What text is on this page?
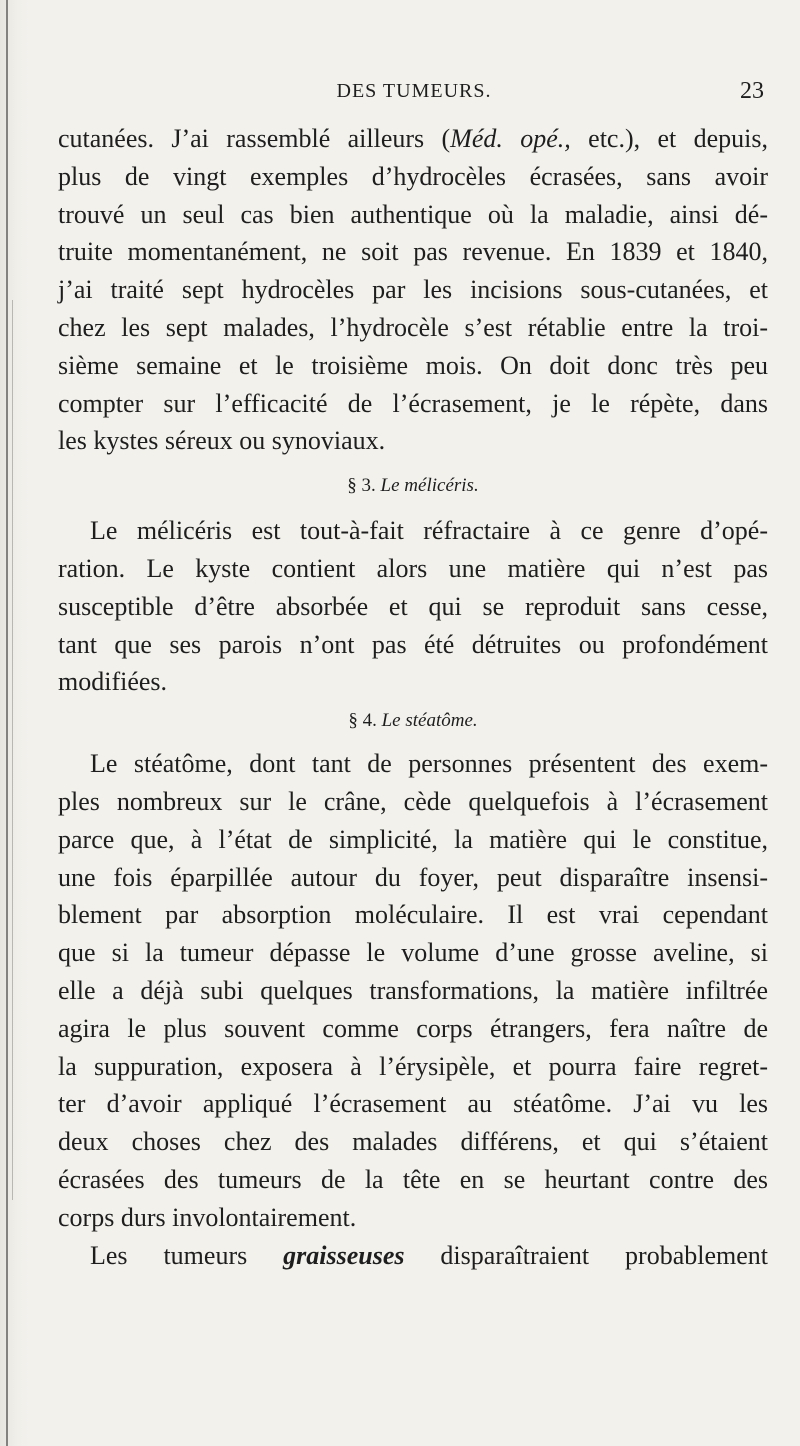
DES TUMEURS.	23
cutanées. J’ai rassemblé ailleurs (Méd. opé., etc.), et depuis,
plus de vingt exemples d’hydrocèles écrasées, sans avoir
trouvé un seul cas bien authentique où la maladie, ainsi dé-
truite momentanément, ne soit pas revenue. En 1839 et 1840,
j’ai traité sept hydrocèles par les incisions sous-cutanées, et
chez les sept malades, l’hydrocèle s’est rétablie entre la troi-
sième semaine et le troisième mois. On doit donc très peu
compter sur l’efficacité de l’écrasement, je le répète, dans
les kystes séreux ou synoviaux.
§ 3. Le mélicéris.
Le mélicéris est tout-à-fait réfractaire à ce genre d’opé-
ration. Le kyste contient alors une matière qui n’est pas
susceptible d’être absorbée et qui se reproduit sans cesse,
tant que ses parois n’ont pas été détruites ou profondément
modifiées.
§ 4. Le stéatôme.
Le stéatôme, dont tant de personnes présentent des exem-
ples nombreux sur le crâne, cède quelquefois à l’écrasement
parce que, à l’état de simplicité, la matière qui le constitue,
une fois éparpillée autour du foyer, peut disparaître insensi-
blement par absorption moléculaire. Il est vrai cependant
que si la tumeur dépasse le volume d’une grosse aveline, si
elle a déjà subi quelques transformations, la matière infiltrée
agira le plus souvent comme corps étrangers, fera naître de
la suppuration, exposera à l’érysipèle, et pourra faire regret-
ter d’avoir appliqué l’écrasement au stéatôme. J’ai vu les
deux choses chez des malades différens, et qui s’étaient
écrasées des tumeurs de la tête en se heurtant contre des
corps durs involontairement.
Les tumeurs graisseuses disparaîtraient probablement
